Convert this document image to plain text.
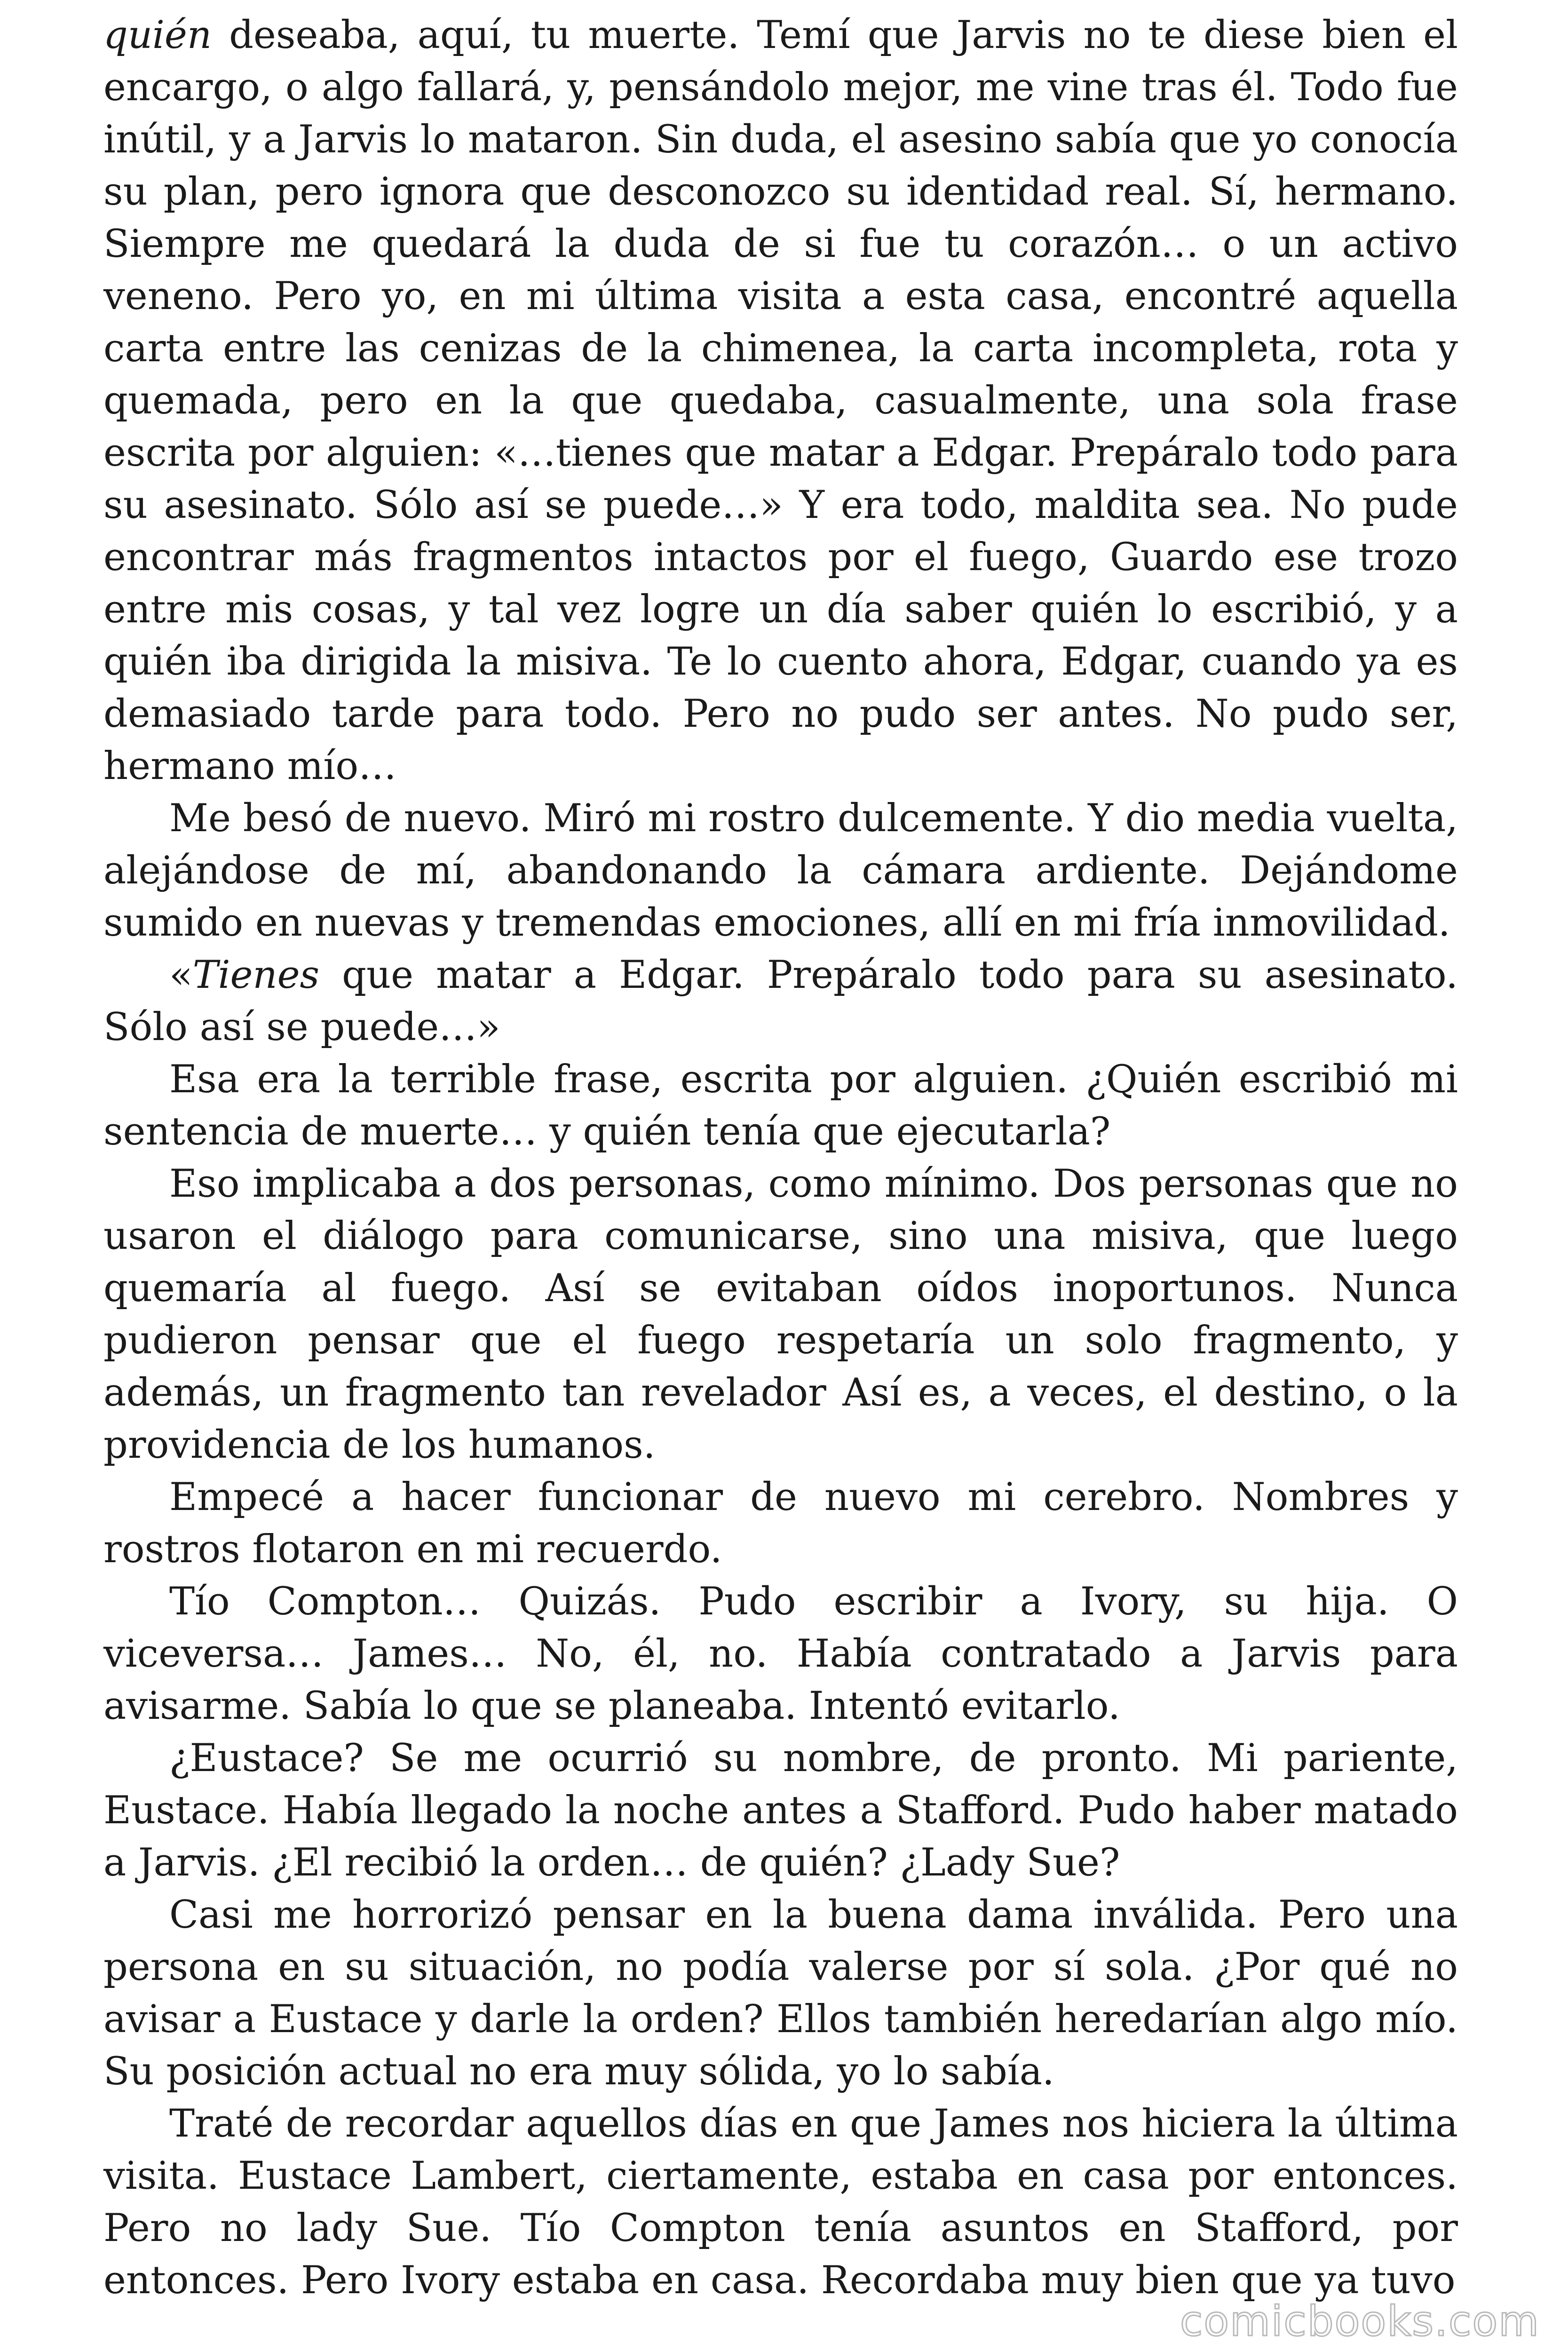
quién deseaba, aquí, tu muerte. Temí que Jarvis no te diese bien el encargo, o algo fallará, y, pensándolo mejor, me vine tras él. Todo fue inútil, y a Jarvis lo mataron. Sin duda, el asesino sabía que yo conocía su plan, pero ignora que desconozco su identidad real. Sí, hermano. Siempre me quedará la duda de si fue tu corazón… o un activo veneno. Pero yo, en mi última visita a esta casa, encontré aquella carta entre las cenizas de la chimenea, la carta incompleta, rota y quemada, pero en la que quedaba, casualmente, una sola frase escrita por alguien: «…tienes que matar a Edgar. Prepáralo todo para su asesinato. Sólo así se puede…» Y era todo, maldita sea. No pude encontrar más fragmentos intactos por el fuego, Guardo ese trozo entre mis cosas, y tal vez logre un día saber quién lo escribió, y a quién iba dirigida la misiva. Te lo cuento ahora, Edgar, cuando ya es demasiado tarde para todo. Pero no pudo ser antes. No pudo ser, hermano mío…

Me besó de nuevo. Miró mi rostro dulcemente. Y dio media vuelta, alejándose de mí, abandonando la cámara ardiente. Dejándome sumido en nuevas y tremendas emociones, allí en mi fría inmovilidad.

«Tienes que matar a Edgar. Prepáralo todo para su asesinato. Sólo así se puede…»

Esa era la terrible frase, escrita por alguien. ¿Quién escribió mi sentencia de muerte… y quién tenía que ejecutarla?

Eso implicaba a dos personas, como mínimo. Dos personas que no usaron el diálogo para comunicarse, sino una misiva, que luego quemaría al fuego. Así se evitaban oídos inoportunos. Nunca pudieron pensar que el fuego respetaría un solo fragmento, y además, un fragmento tan revelador Así es, a veces, el destino, o la providencia de los humanos.

Empecé a hacer funcionar de nuevo mi cerebro. Nombres y rostros flotaron en mi recuerdo.

Tío Compton… Quizás. Pudo escribir a Ivory, su hija. O viceversa… James… No, él, no. Había contratado a Jarvis para avisarme. Sabía lo que se planeaba. Intentó evitarlo.

¿Eustace? Se me ocurrió su nombre, de pronto. Mi pariente, Eustace. Había llegado la noche antes a Stafford. Pudo haber matado a Jarvis. ¿El recibió la orden… de quién? ¿Lady Sue?

Casi me horrorizó pensar en la buena dama inválida. Pero una persona en su situación, no podía valerse por sí sola. ¿Por qué no avisar a Eustace y darle la orden? Ellos también heredarían algo mío. Su posición actual no era muy sólida, yo lo sabía.

Traté de recordar aquellos días en que James nos hiciera la última visita. Eustace Lambert, ciertamente, estaba en casa por entonces. Pero no lady Sue. Tío Compton tenía asuntos en Stafford, por entonces. Pero Ivory estaba en casa. Recordaba muy bien que ya tuvo

comicbooks.com
